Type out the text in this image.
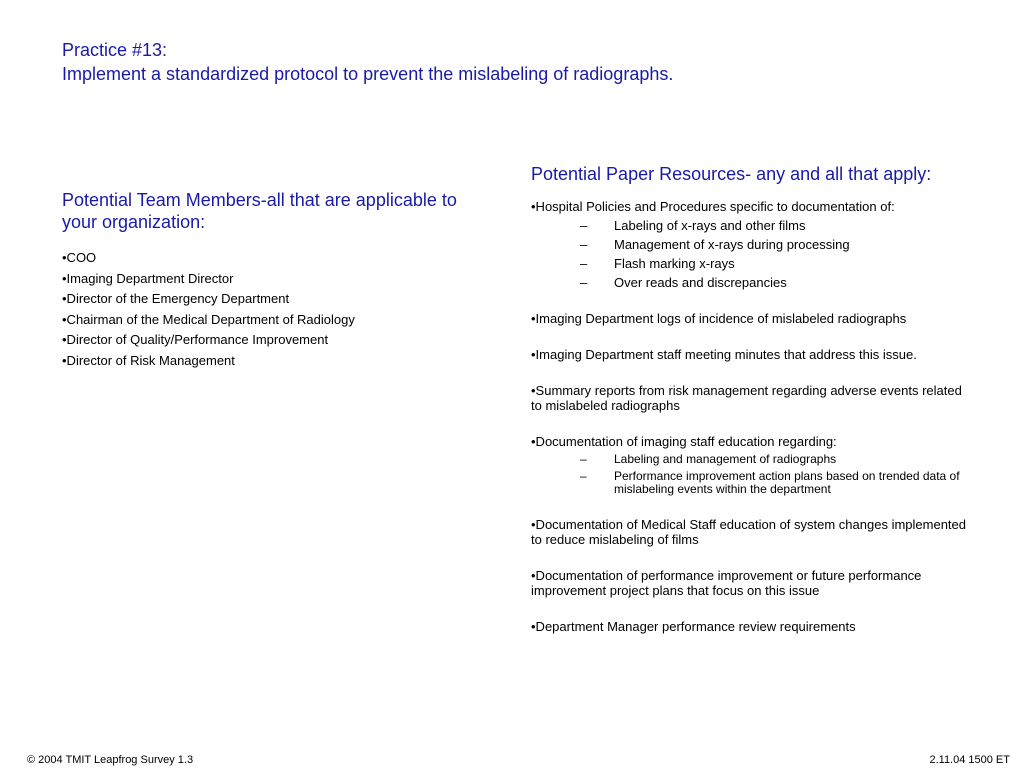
Practice #13:
Implement a standardized protocol to prevent the mislabeling of radiographs.
Potential Team Members-all that are applicable to your organization:
•COO
•Imaging Department Director
•Director of the Emergency Department
•Chairman of the Medical Department of Radiology
•Director of Quality/Performance Improvement
•Director of Risk Management
Potential Paper Resources- any and all that apply:
•Hospital Policies and Procedures specific to documentation of:
– Labeling of x-rays and other films
– Management of x-rays during processing
– Flash marking x-rays
– Over reads and discrepancies
•Imaging Department logs of incidence of mislabeled radiographs
•Imaging Department staff meeting minutes that address this issue.
•Summary reports from risk management regarding adverse events related to mislabeled radiographs
•Documentation of imaging staff education regarding:
– Labeling and management of radiographs
– Performance improvement action plans based on trended data of mislabeling events within the department
•Documentation of Medical Staff education of system changes implemented to reduce mislabeling of films
•Documentation of performance improvement or future performance improvement project plans that focus on this issue
•Department Manager performance review requirements
© 2004 TMIT Leapfrog Survey 1.3	2.11.04 1500 ET
